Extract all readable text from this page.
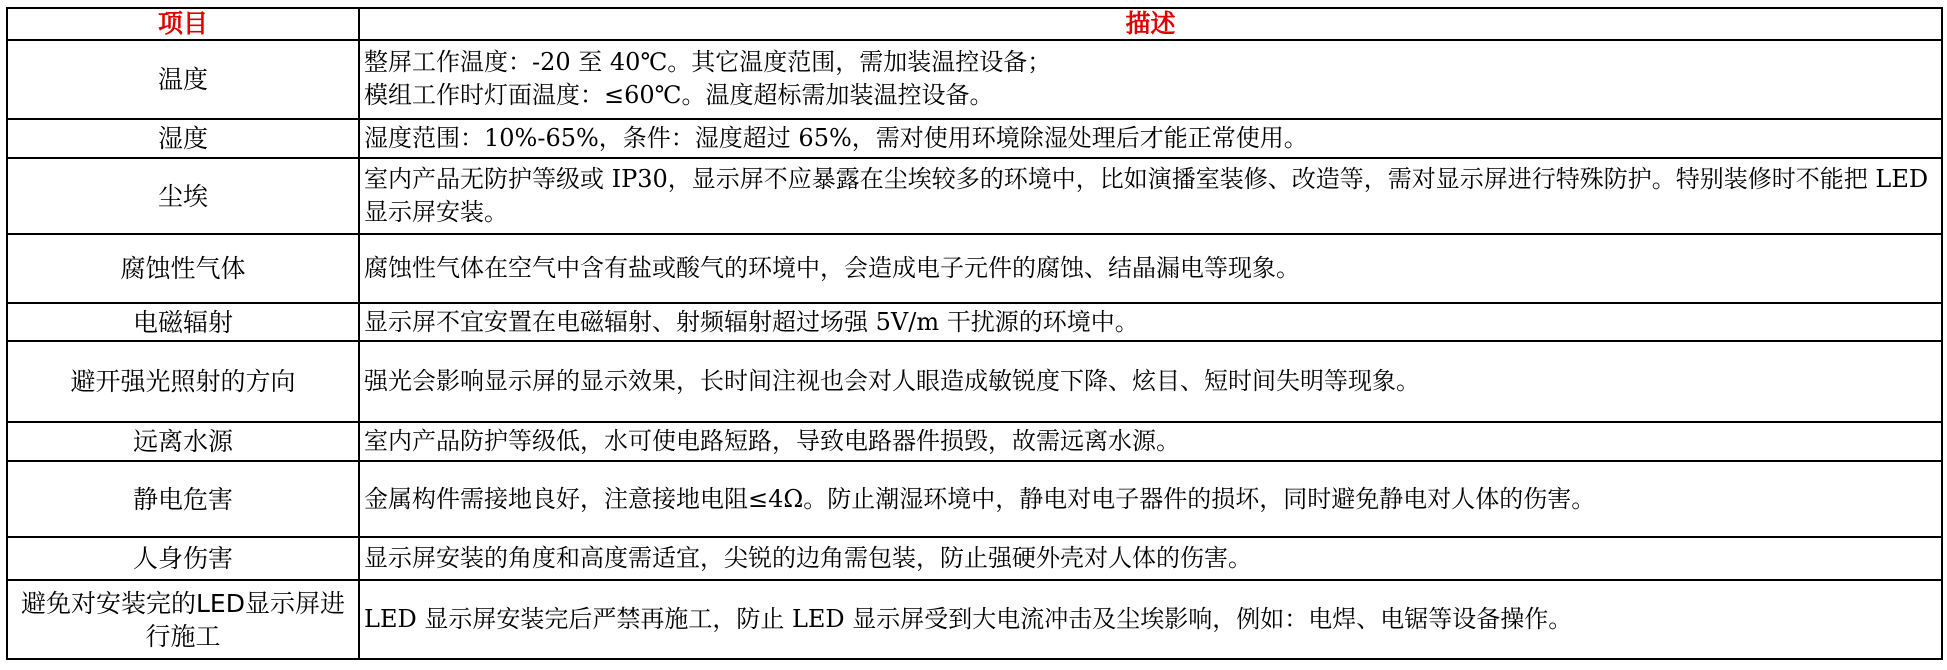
项目	描述
温度	整屏工作温度：-20 至 40℃。其它温度范围，需加装温控设备；
模组工作时灯面温度：≤60℃。温度超标需加装温控设备。
湿度	湿度范围：10%-65%，条件：湿度超过 65%，需对使用环境除湿处理后才能正常使用。
尘埃	室内产品无防护等级或 IP30，显示屏不应暴露在尘埃较多的环境中，比如演播室装修、改造等，需对显示屏进行特殊防护。特别装修时不能把 LED 显示屏安装。
腐蚀性气体	腐蚀性气体在空气中含有盐或酸气的环境中，会造成电子元件的腐蚀、结晶漏电等现象。
电磁辐射	显示屏不宜安置在电磁辐射、射频辐射超过场强 5V/m 干扰源的环境中。
避开强光照射的方向	强光会影响显示屏的显示效果，长时间注视也会对人眼造成敏锐度下降、炫目、短时间失明等现象。
远离水源	室内产品防护等级低，水可使电路短路，导致电路器件损毁，故需远离水源。
静电危害	金属构件需接地良好，注意接地电阻≤4Ω。防止潮湿环境中，静电对电子器件的损坏，同时避免静电对人体的伤害。
人身伤害	显示屏安装的角度和高度需适宜，尖锐的边角需包装，防止强硬外壳对人体的伤害。
避免对安装完的LED显示屏进行施工	LED 显示屏安装完后严禁再施工，防止 LED 显示屏受到大电流冲击及尘埃影响，例如：电焊、电锯等设备操作。
